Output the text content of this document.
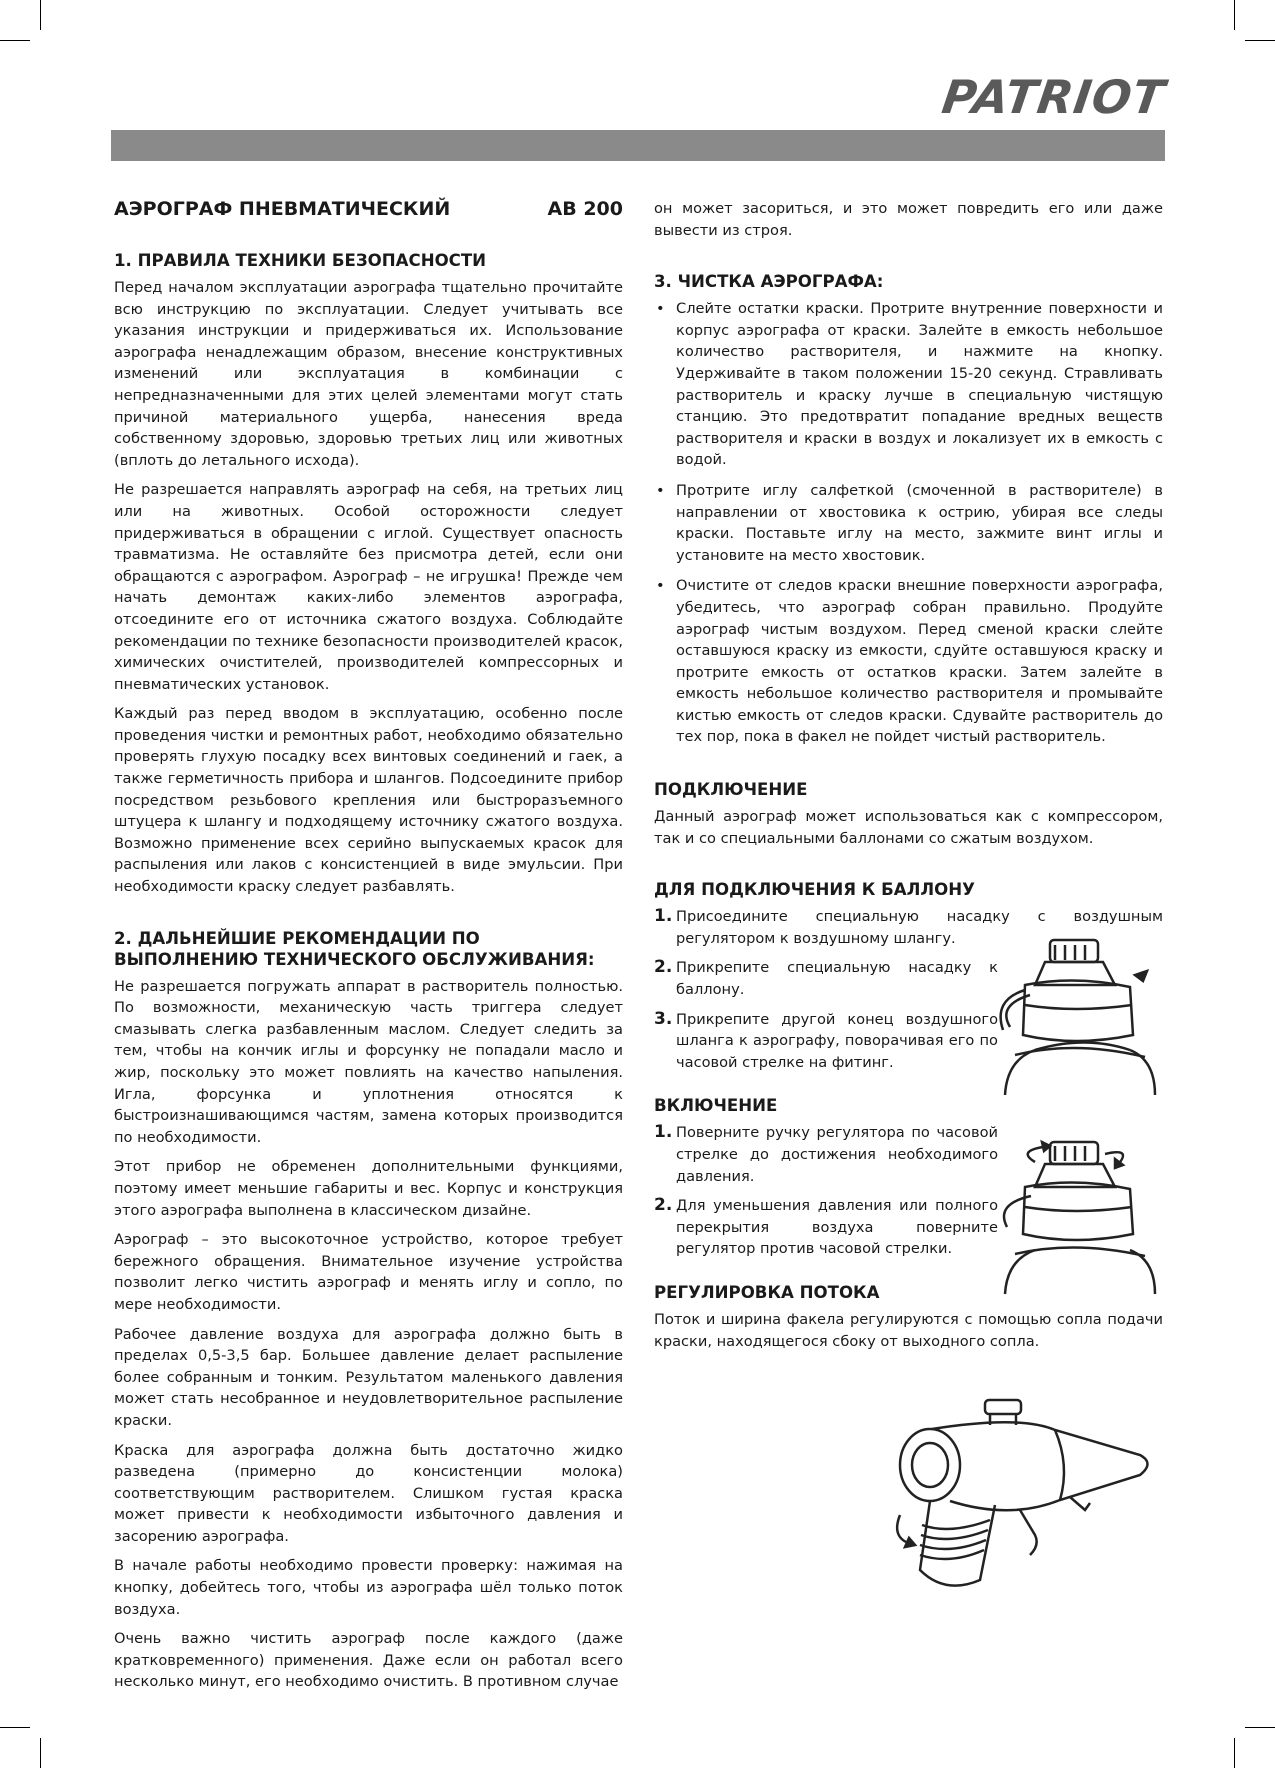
PATRIOT
АЭРОГРАФ ПНЕВМАТИЧЕСКИЙ	AB 200
1. ПРАВИЛА ТЕХНИКИ БЕЗОПАСНОСТИ

Перед началом эксплуатации аэрографа тщательно прочитайте всю инструкцию по эксплуатации. Следует учитывать все указания инструкции и придерживаться их. Использование аэрографа ненадлежащим образом, внесение конструктивных изменений или эксплуатация в комбинации с непредназначенными для этих целей элементами могут стать причиной материального ущерба, нанесения вреда собственному здоровью, здоровью третьих лиц или животных (вплоть до летального исхода).

Не разрешается направлять аэрограф на себя, на третьих лиц или на животных. Особой осторожности следует придерживаться в обращении с иглой. Существует опасность травматизма. Не оставляйте без присмотра детей, если они обращаются с аэрографом. Аэрограф – не игрушка! Прежде чем начать демонтаж каких-либо элементов аэрографа, отсоедините его от источника сжатого воздуха. Соблюдайте рекомендации по технике безопасности производителей красок, химических очистителей, производителей компрессорных и пневматических установок.

Каждый раз перед вводом в эксплуатацию, особенно после проведения чистки и ремонтных работ, необходимо обязательно проверять глухую посадку всех винтовых соединений и гаек, а также герметичность прибора и шлангов. Подсоедините прибор посредством резьбового крепления или быстроразъемного штуцера к шлангу и подходящему источнику сжатого воздуха. Возможно применение всех серийно выпускаемых красок для распыления или лаков с консистенцией в виде эмульсии. При необходимости краску следует разбавлять.

2. ДАЛЬНЕЙШИЕ РЕКОМЕНДАЦИИ ПО ВЫПОЛНЕНИЮ ТЕХНИЧЕСКОГО ОБСЛУЖИВАНИЯ:

Не разрешается погружать аппарат в растворитель полностью. По возможности, механическую часть триггера следует смазывать слегка разбавленным маслом. Следует следить за тем, чтобы на кончик иглы и форсунку не попадали масло и жир, поскольку это может повлиять на качество напыления. Игла, форсунка и уплотнения относятся к быстроизнашивающимся частям, замена которых производится по необходимости.

Этот прибор не обременен дополнительными функциями, поэтому имеет меньшие габариты и вес. Корпус и конструкция этого аэрографа выполнена в классическом дизайне.

Аэрограф – это высокоточное устройство, которое требует бережного обращения. Внимательное изучение устройства позволит легко чистить аэрограф и менять иглу и сопло, по мере необходимости.

Рабочее давление воздуха для аэрографа должно быть в пределах 0,5-3,5 бар. Большее давление делает распыление более собранным и тонким. Результатом маленького давления может стать несобранное и неудовлетворительное распыление краски.

Краска для аэрографа должна быть достаточно жидко разведена (примерно до консистенции молока) соответствующим растворителем. Слишком густая краска может привести к необходимости избыточного давления и засорению аэрографа.

В начале работы необходимо провести проверку: нажимая на кнопку, добейтесь того, чтобы из аэрографа шёл только поток воздуха.

Очень важно чистить аэрограф после каждого (даже кратковременного) применения. Даже если он работал всего несколько минут, его необходимо очистить. В противном случае

он может засориться, и это может повредить его или даже вывести из строя.

3. ЧИСТКА АЭРОГРАФА:
• Слейте остатки краски. Протрите внутренние поверхности и корпус аэрографа от краски. Залейте в емкость небольшое количество растворителя, и нажмите на кнопку. Удерживайте в таком положении 15-20 секунд. Стравливать растворитель и краску лучше в специальную чистящую станцию. Это предотвратит попадание вредных веществ растворителя и краски в воздух и локализует их в емкость с водой.

• Протрите иглу салфеткой (смоченной в растворителе) в направлении от хвостовика к острию, убирая все следы краски. Поставьте иглу на место, зажмите винт иглы и установите на место хвостовик.

• Очистите от следов краски внешние поверхности аэрографа, убедитесь, что аэрограф собран правильно. Продуйте аэрограф чистым воздухом. Перед сменой краски слейте оставшуюся краску из емкости, сдуйте оставшуюся краску и протрите емкость от остатков краски. Затем залейте в емкость небольшое количество растворителя и промывайте кистью емкость от следов краски. Сдувайте растворитель до тех пор, пока в факел не пойдет чистый растворитель.

ПОДКЛЮЧЕНИЕ

Данный аэрограф может использоваться как с компрессором, так и со специальными баллонами со сжатым воздухом.

ДЛЯ ПОДКЛЮЧЕНИЯ К БАЛЛОНУ
1. Присоедините специальную насадку с воздушным регулятором к воздушному шлангу.

2. Прикрепите специальную насадку к баллону.

3. Прикрепите другой конец воздушного шланга к аэрографу, поворачивая его по часовой стрелке на фитинг.

ВКЛЮЧЕНИЕ
1. Поверните ручку регулятора по часовой стрелке до достижения необходимого давления.

2. Для уменьшения давления или полного перекрытия воздуха поверните регулятор против часовой стрелки.

РЕГУЛИРОВКА ПОТОКА

Поток и ширина факела регулируются с помощью сопла подачи краски, находящегося сбоку от выходного сопла.
